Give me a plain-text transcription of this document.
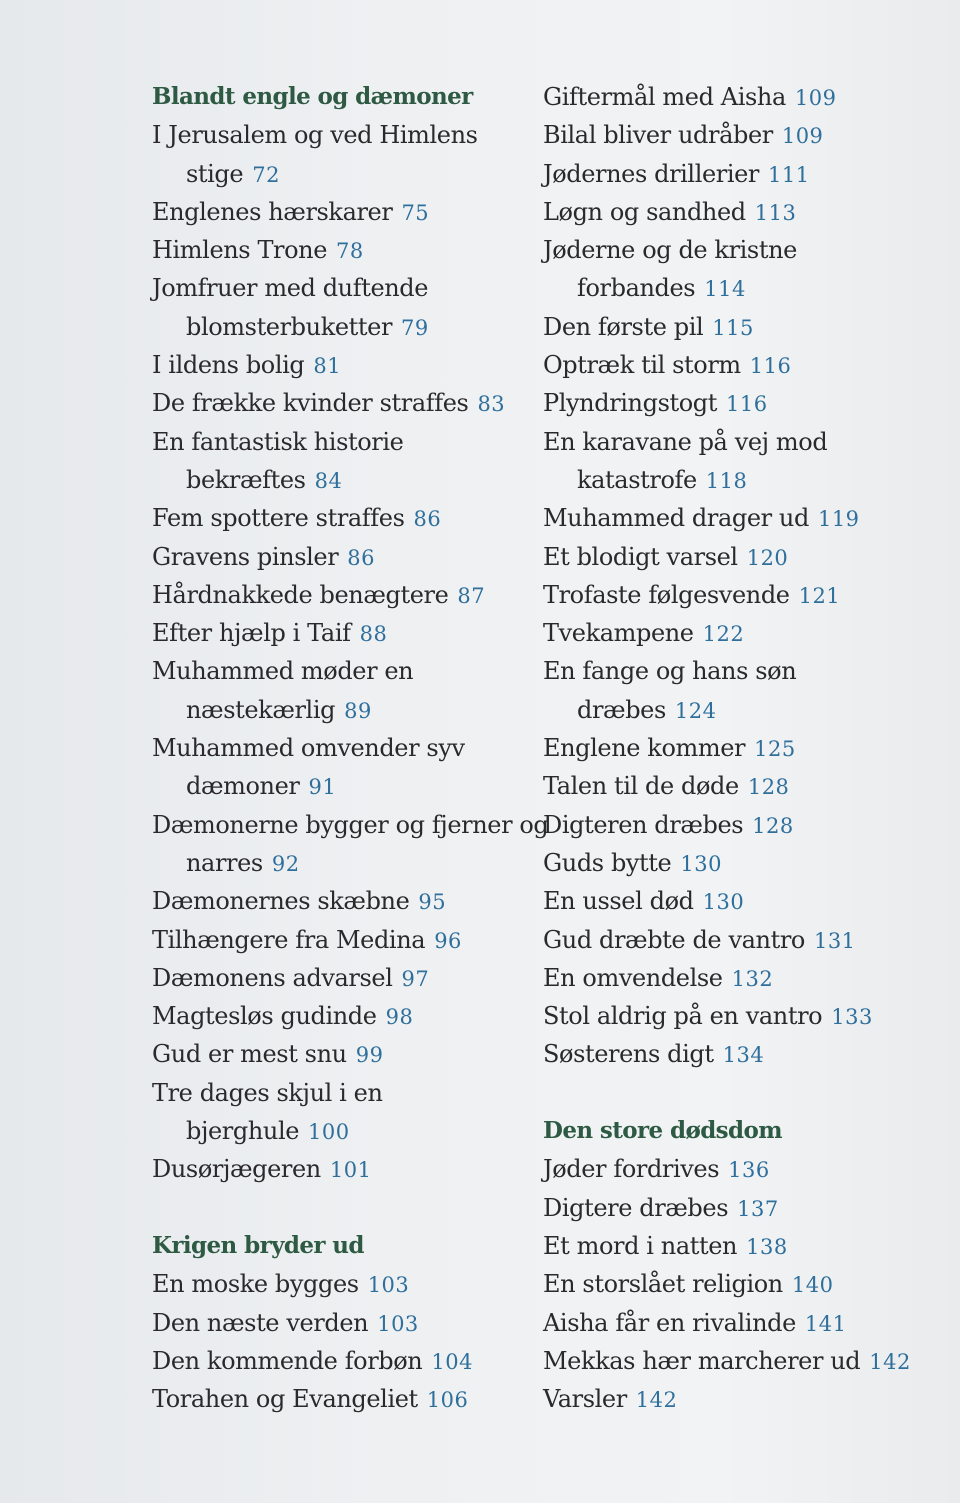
Blandt engle og dæmoner
I Jerusalem og ved Himlens
stige 72
Englenes hærskarer 75
Himlens Trone 78
Jomfruer med duftende
blomsterbuketter 79
I ildens bolig 81
De frække kvinder straffes 83
En fantastisk historie
bekræftes 84
Fem spottere straffes 86
Gravens pinsler 86
Hårdnakkede benægtere 87
Efter hjælp i Taif 88
Muhammed møder en
næstekærlig 89
Muhammed omvender syv
dæmoner 91
Dæmonerne bygger og fjerner og
narres 92
Dæmonernes skæbne 95
Tilhængere fra Medina 96
Dæmonens advarsel 97
Magtesløs gudinde 98
Gud er mest snu 99
Tre dages skjul i en
bjerghule 100
Dusørjægeren 101
Krigen bryder ud
En moske bygges 103
Den næste verden 103
Den kommende forbøn 104
Torahen og Evangeliet 106
Giftermål med Aisha 109
Bilal bliver udråber 109
Jødernes drillerier 111
Løgn og sandhed 113
Jøderne og de kristne
forbandes 114
Den første pil 115
Optræk til storm 116
Plyndringstogt 116
En karavane på vej mod
katastrofe 118
Muhammed drager ud 119
Et blodigt varsel 120
Trofaste følgesvende 121
Tvekampene 122
En fange og hans søn
dræbes 124
Englene kommer 125
Talen til de døde 128
Digteren dræbes 128
Guds bytte 130
En ussel død 130
Gud dræbte de vantro 131
En omvendelse 132
Stol aldrig på en vantro 133
Søsterens digt 134
Den store dødsdom
Jøder fordrives 136
Digtere dræbes 137
Et mord i natten 138
En storslået religion 140
Aisha får en rivalinde 141
Mekkas hær marcherer ud 142
Varsler 142
